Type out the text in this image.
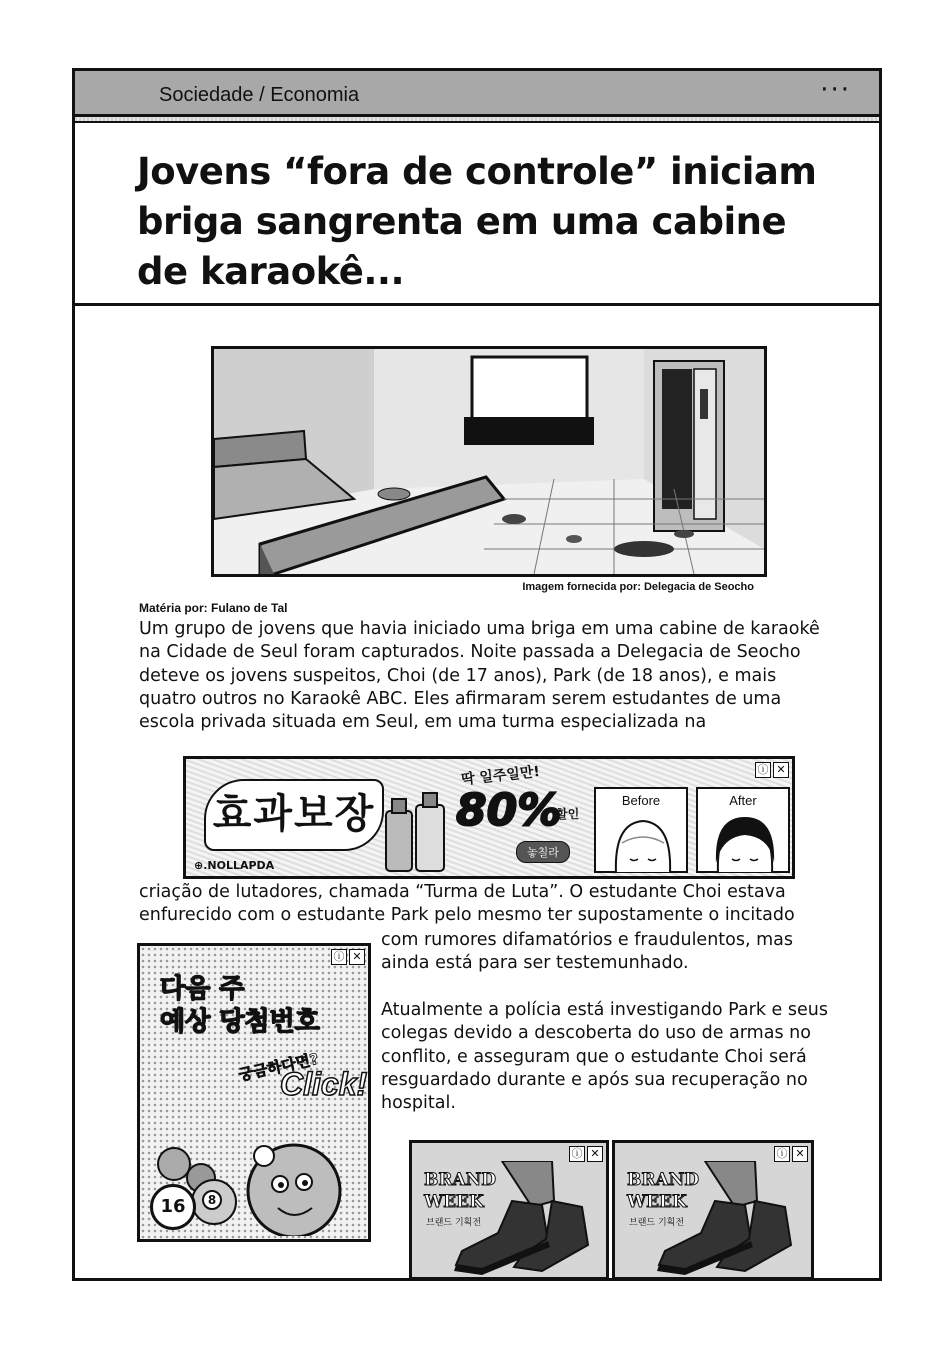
Sociedade / Economia	···
Jovens “fora de controle” iniciam briga sangrenta em uma cabine de karaokê...
Imagem fornecida por: Delegacia de Seocho
Matéria por: Fulano de Tal

Um grupo de jovens que havia iniciado uma briga em uma cabine de karaokê na Cidade de Seul foram capturados. Noite passada a Delegacia de Seocho deteve os jovens suspeitos, Choi (de 17 anos), Park (de 18 anos), e mais quatro outros no Karaokê ABC. Eles afirmaram serem estudantes de uma escola privada situada em Seul, em uma turma especializada na

ⓘ ✕
효과보장
딱 일주일만!
80%
할인
놓칠라
⊕.NOLLAPDA
Before	After

criação de lutadores, chamada “Turma de Luta”. O estudante Choi estava enfurecido com o estudante Park pelo mesmo ter supostamente o incitado

ⓘ ✕
다음 주
예상 당첨번호
궁금하다면?
Click!
16	8

com rumores difamatórios e fraudulentos, mas ainda está para ser testemunhado.

Atualmente a polícia está investigando Park e seus colegas devido a descoberta do uso de armas no conflito, e asseguram que o estudante Choi será resguardado durante e após sua recuperação no hospital.

ⓘ ✕
BRAND
WEEK
브랜드 기획전
ⓘ ✕
BRAND
WEEK
브랜드 기획전
